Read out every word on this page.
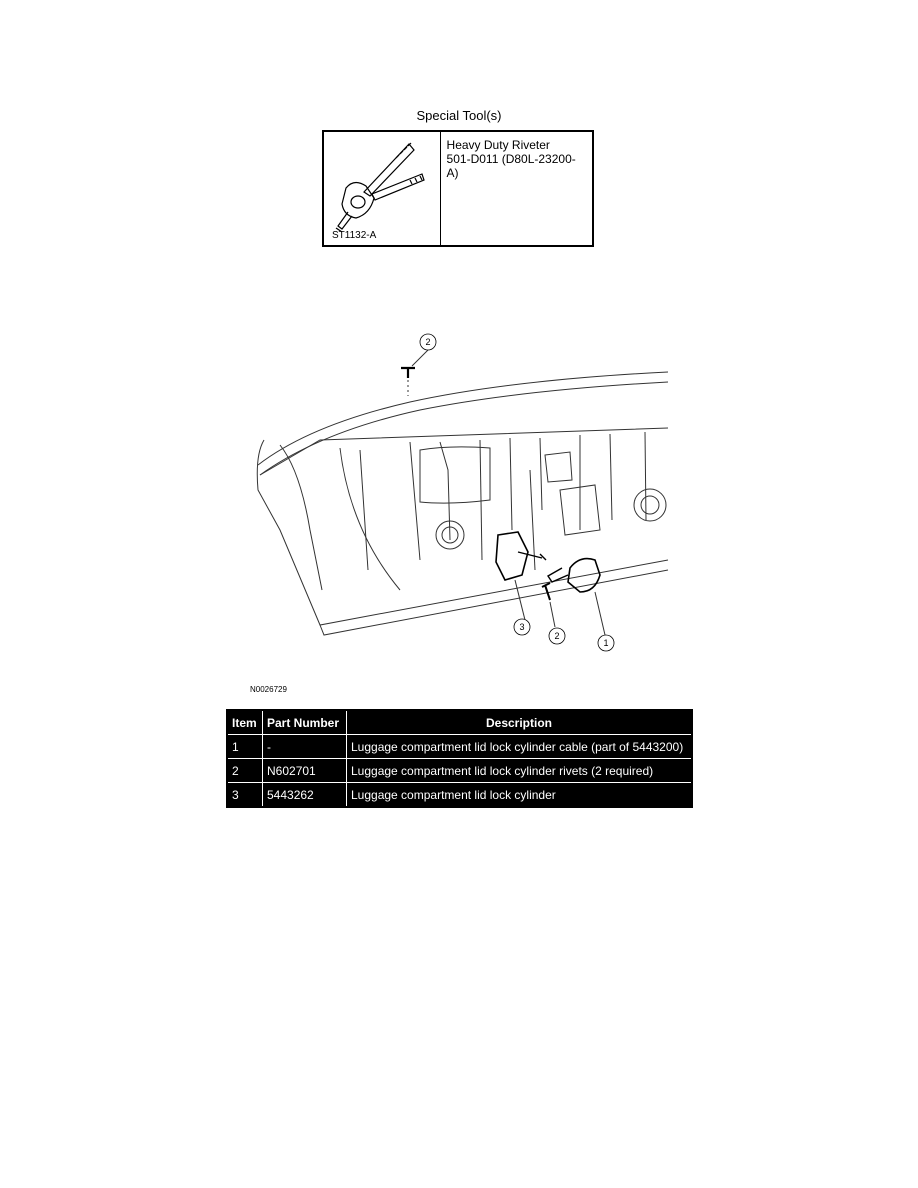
Special Tool(s)
ST1132-A
Heavy Duty Riveter
501-D011 (D80L-23200-A)
2
3
2
1
N0026729
Item	Part Number	Description
1	-	Luggage compartment lid lock cylinder cable (part of 5443200)
2	N602701	Luggage compartment lid lock cylinder rivets (2 required)
3	5443262	Luggage compartment lid lock cylinder
